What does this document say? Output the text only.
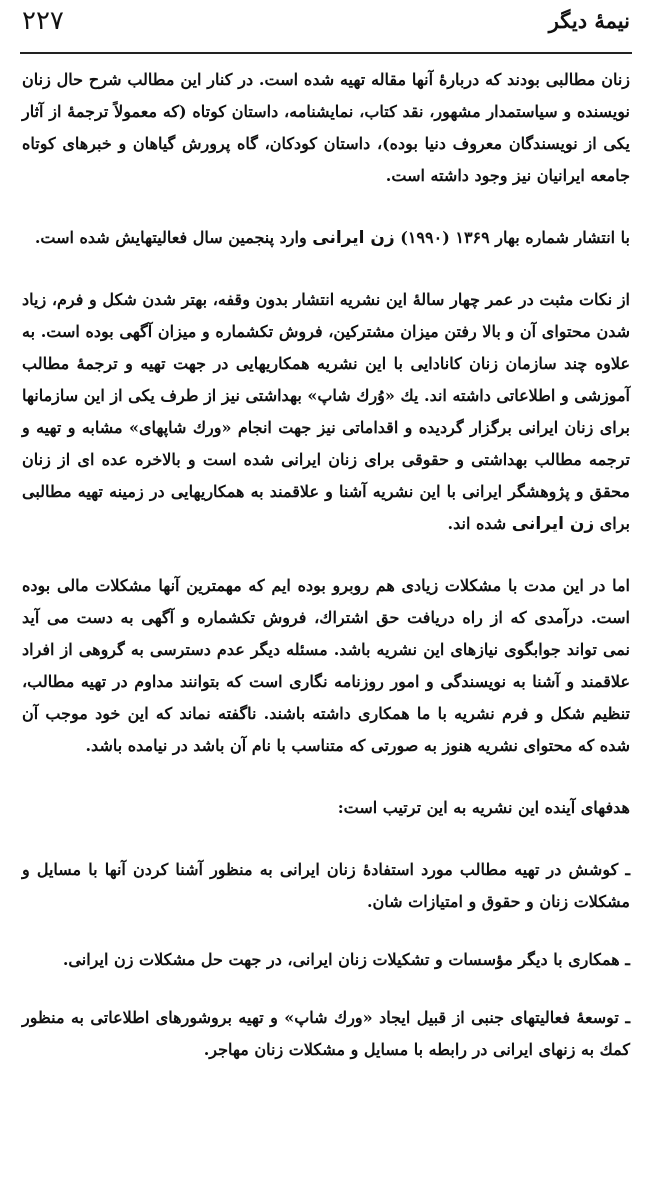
۲۲۷	نیمهٔ دیگر

زنان مطالبی بودند که دربارهٔ آنها مقاله تهیه شده است. در کنار این مطالب شرح حال زنان نویسنده و سیاستمدار مشهور، نقد کتاب، نمایشنامه، داستان کوتاه (که معمولاً ترجمهٔ از آثار یکی از نویسندگان معروف دنیا بوده)، داستان کودکان، گاه پرورش گیاهان و خبرهای کوتاه جامعه ایرانیان نیز وجود داشته است.

با انتشار شماره بهار ۱۳۶۹ (۱۹۹۰) زن ایرانی وارد پنجمین سال فعالیتهایش شده است.

از نکات مثبت در عمر چهار سالهٔ این نشریه انتشار بدون وقفه، بهتر شدن شکل و فرم، زیاد شدن محتوای آن و بالا رفتن میزان مشترکین، فروش تکشماره و میزان آگهی بوده است. به علاوه چند سازمان زنان کانادایی با این نشریه همکاریهایی در جهت تهیه و ترجمهٔ مطالب آموزشی و اطلاعاتی داشته اند. یك «وُرك شاپ» بهداشتی نیز از طرف یکی از این سازمانها برای زنان ایرانی برگزار گردیده و اقداماتی نیز جهت انجام «ورك شاپهای» مشابه و تهیه و ترجمه مطالب بهداشتی و حقوقی برای زنان ایرانی شده است و بالاخره عده ای از زنان محقق و پژوهشگر ایرانی با این نشریه آشنا و علاقمند به همکاریهایی در زمینه تهیه مطالبی برای زن ایرانی شده اند.

اما در این مدت با مشکلات زیادی هم روبرو بوده ایم که مهمترین آنها مشکلات مالی بوده است. درآمدی که از راه دریافت حق اشتراك، فروش تکشماره و آگهی به دست می آید نمی تواند جوابگوی نیازهای این نشریه باشد. مسئله دیگر عدم دسترسی به گروهی از افراد علاقمند و آشنا به نویسندگی و امور روزنامه نگاری است که بتوانند مداوم در تهیه مطالب، تنظیم شکل و فرم نشریه با ما همکاری داشته باشند. ناگفته نماند که این خود موجب آن شده که محتوای نشریه هنوز به صورتی که متناسب با نام آن باشد در نیامده باشد.

هدفهای آینده این نشریه به این ترتیب است:

ـ کوشش در تهیه مطالب مورد استفادهٔ زنان ایرانی به منظور آشنا کردن آنها با مسایل و مشکلات زنان و حقوق و امتیازات شان.

ـ همکاری با دیگر مؤسسات و تشکیلات زنان ایرانی، در جهت حل مشکلات زن ایرانی.

ـ توسعهٔ فعالیتهای جنبی از قبیل ایجاد «ورك شاپ» و تهیه بروشورهای اطلاعاتی به منظور کمك به زنهای ایرانی در رابطه با مسایل و مشکلات زنان مهاجر.
